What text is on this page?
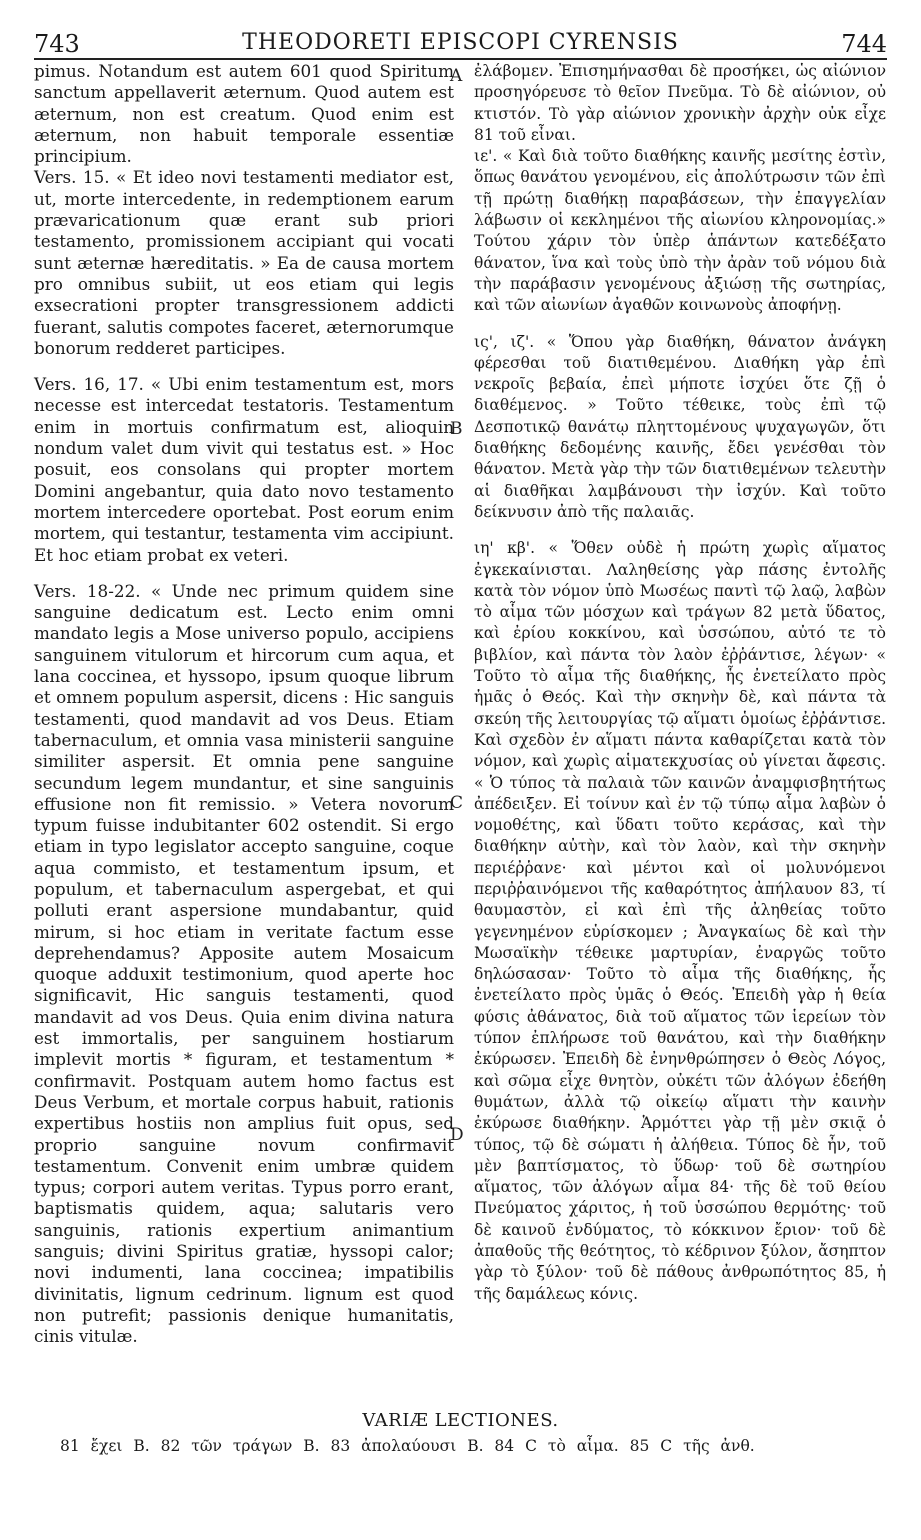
743	THEODORETI EPISCOPI CYRENSIS	744

pimus. Notandum est autem 601 quod Spiritum sanctum appellaverit æternum. Quod autem est æternum, non est creatum. Quod enim est æternum, non habuit temporale essentiæ principium.

Vers. 15. « Et ideo novi testamenti mediator est, ut, morte intercedente, in redemptionem earum prævaricationum quæ erant sub priori testamento, promissionem accipiant qui vocati sunt æternæ hæreditatis. » Ea de causa mortem pro omnibus subiit, ut eos etiam qui legis exsecrationi propter transgressionem addicti fuerant, salutis compotes faceret, æternorumque bonorum redderet participes.

Vers. 16, 17. « Ubi enim testamentum est, mors necesse est intercedat testatoris. Testamentum enim in mortuis confirmatum est, alioquin nondum valet dum vivit qui testatus est. » Hoc posuit, eos consolans qui propter mortem Domini angebantur, quia dato novo testamento mortem intercedere oportebat. Post eorum enim mortem, qui testantur, testamenta vim accipiunt. Et hoc etiam probat ex veteri.

Vers. 18-22. « Unde nec primum quidem sine sanguine dedicatum est. Lecto enim omni mandato legis a Mose universo populo, accipiens sanguinem vitulorum et hircorum cum aqua, et lana coccinea, et hyssopo, ipsum quoque librum et omnem populum aspersit, dicens : Hic sanguis testamenti, quod mandavit ad vos Deus. Etiam tabernaculum, et omnia vasa ministerii sanguine similiter aspersit. Et omnia pene sanguine secundum legem mundantur, et sine sanguinis effusione non fit remissio. » Vetera novorum typum fuisse indubitanter 602 ostendit. Si ergo etiam in typo legislator accepto sanguine, coque aqua commisto, et testamentum ipsum, et populum, et tabernaculum aspergebat, et qui polluti erant aspersione mundabantur, quid mirum, si hoc etiam in veritate factum esse deprehendamus? Apposite autem Mosaicum quoque adduxit testimonium, quod aperte hoc significavit, Hic sanguis testamenti, quod mandavit ad vos Deus. Quia enim divina natura est immortalis, per sanguinem hostiarum implevit mortis * figuram, et testamentum * confirmavit. Postquam autem homo factus est Deus Verbum, et mortale corpus habuit, rationis expertibus hostiis non amplius fuit opus, sed proprio sanguine novum confirmavit testamentum. Convenit enim umbræ quidem typus; corpori autem veritas. Typus porro erant, baptismatis quidem, aqua; salutaris vero sanguinis, rationis expertium animantium sanguis; divini Spiritus gratiæ, hyssopi calor; novi indumenti, lana coccinea; impatibilis divinitatis, lignum cedrinum. lignum est quod non putrefit; passionis denique humanitatis, cinis vitulæ.

A
B
C
D

ἐλάβομεν. Ἐπισημήνασθαι δὲ προσήκει, ὡς αἰώνιον προσηγόρευσε τὸ θεῖον Πνεῦμα. Τὸ δὲ αἰώνιον, οὐ κτιστόν. Τὸ γὰρ αἰώνιον χρονικὴν ἀρχὴν οὐκ εἶχε 81 τοῦ εἶναι.

ιε'. « Καὶ διὰ τοῦτο διαθήκης καινῆς μεσίτης ἐστὶν, ὅπως θανάτου γενομένου, εἰς ἀπολύτρωσιν τῶν ἐπὶ τῇ πρώτῃ διαθήκῃ παραβάσεων, τὴν ἐπαγγελίαν λάβωσιν οἱ κεκλημένοι τῆς αἰωνίου κληρονομίας.» Τούτου χάριν τὸν ὑπὲρ ἁπάντων κατεδέξατο θάνατον, ἵνα καὶ τοὺς ὑπὸ τὴν ἀρὰν τοῦ νόμου διὰ τὴν παράβασιν γενομένους ἀξιώσῃ τῆς σωτηρίας, καὶ τῶν αἰωνίων ἀγαθῶν κοινωνοὺς ἀποφήνῃ.

ις', ιζ'. « Ὅπου γὰρ διαθήκη, θάνατον ἀνάγκη φέρεσθαι τοῦ διατιθεμένου. Διαθήκη γὰρ ἐπὶ νεκροῖς βεβαία, ἐπεὶ μήποτε ἰσχύει ὅτε ζῇ ὁ διαθέμενος. » Τοῦτο τέθεικε, τοὺς ἐπὶ τῷ Δεσποτικῷ θανάτῳ πληττομένους ψυχαγωγῶν, ὅτι διαθήκης δεδομένης καινῆς, ἔδει γενέσθαι τὸν θάνατον. Μετὰ γὰρ τὴν τῶν διατιθεμένων τελευτὴν αἱ διαθῆκαι λαμβάνουσι τὴν ἰσχύν. Καὶ τοῦτο δείκνυσιν ἀπὸ τῆς παλαιᾶς.

ιη' κβ'. « Ὅθεν οὐδὲ ἡ πρώτη χωρὶς αἵματος ἐγκεκαίνισται. Λαληθείσης γὰρ πάσης ἐντολῆς κατὰ τὸν νόμον ὑπὸ Μωσέως παντὶ τῷ λαῷ, λαβὼν τὸ αἷμα τῶν μόσχων καὶ τράγων 82 μετὰ ὕδατος, καὶ ἐρίου κοκκίνου, καὶ ὑσσώπου, αὐτό τε τὸ βιβλίον, καὶ πάντα τὸν λαὸν ἐῤῥάντισε, λέγων· « Τοῦτο τὸ αἷμα τῆς διαθήκης, ἧς ἐνετείλατο πρὸς ἡμᾶς ὁ Θεός. Καὶ τὴν σκηνὴν δὲ, καὶ πάντα τὰ σκεύη τῆς λειτουργίας τῷ αἵματι ὁμοίως ἐῤῥάντισε. Καὶ σχεδὸν ἐν αἵματι πάντα καθαρίζεται κατὰ τὸν νόμον, καὶ χωρὶς αἱματεκχυσίας οὐ γίνεται ἄφεσις. « Ὁ τύπος τὰ παλαιὰ τῶν καινῶν ἀναμφισβητήτως ἀπέδειξεν. Εἰ τοίνυν καὶ ἐν τῷ τύπῳ αἷμα λαβὼν ὁ νομοθέτης, καὶ ὕδατι τοῦτο κεράσας, καὶ τὴν διαθήκην αὐτὴν, καὶ τὸν λαὸν, καὶ τὴν σκηνὴν περιέῤῥανε· καὶ μέντοι καὶ οἱ μολυνόμενοι περιῤῥαινόμενοι τῆς καθαρότητος ἀπήλαυον 83, τί θαυμαστὸν, εἰ καὶ ἐπὶ τῆς ἀληθείας τοῦτο γεγενημένον εὑρίσκομεν ; Ἀναγκαίως δὲ καὶ τὴν Μωσαϊκὴν τέθεικε μαρτυρίαν, ἐναργῶς τοῦτο δηλώσασαν· Τοῦτο τὸ αἷμα τῆς διαθήκης, ἧς ἐνετείλατο πρὸς ὑμᾶς ὁ Θεός. Ἐπειδὴ γὰρ ἡ θεία φύσις ἀθάνατος, διὰ τοῦ αἵματος τῶν ἱερείων τὸν τύπον ἐπλήρωσε τοῦ θανάτου, καὶ τὴν διαθήκην ἐκύρωσεν. Ἐπειδὴ δὲ ἐνηνθρώπησεν ὁ Θεὸς Λόγος, καὶ σῶμα εἶχε θνητὸν, οὐκέτι τῶν ἀλόγων ἐδεήθη θυμάτων, ἀλλὰ τῷ οἰκείῳ αἵματι τὴν καινὴν ἐκύρωσε διαθήκην. Ἁρμόττει γὰρ τῇ μὲν σκιᾷ ὁ τύπος, τῷ δὲ σώματι ἡ ἀλήθεια. Τύπος δὲ ἦν, τοῦ μὲν βαπτίσματος, τὸ ὕδωρ· τοῦ δὲ σωτηρίου αἵματος, τῶν ἀλόγων αἷμα 84· τῆς δὲ τοῦ θείου Πνεύματος χάριτος, ἡ τοῦ ὑσσώπου θερμότης· τοῦ δὲ καινοῦ ἐνδύματος, τὸ κόκκινον ἔριον· τοῦ δὲ ἀπαθοῦς τῆς θεότητος, τὸ κέδρινον ξύλον, ἄσηπτον γὰρ τὸ ξύλον· τοῦ δὲ πάθους ἀνθρωπότητος 85, ἡ τῆς δαμάλεως κόνις.

VARIÆ LECTIONES.
81 ἔχει B. 82 τῶν τράγων B. 83 ἀπολαύουσι B. 84 C τὸ αἷμα. 85 C τῆς ἀνθ.
